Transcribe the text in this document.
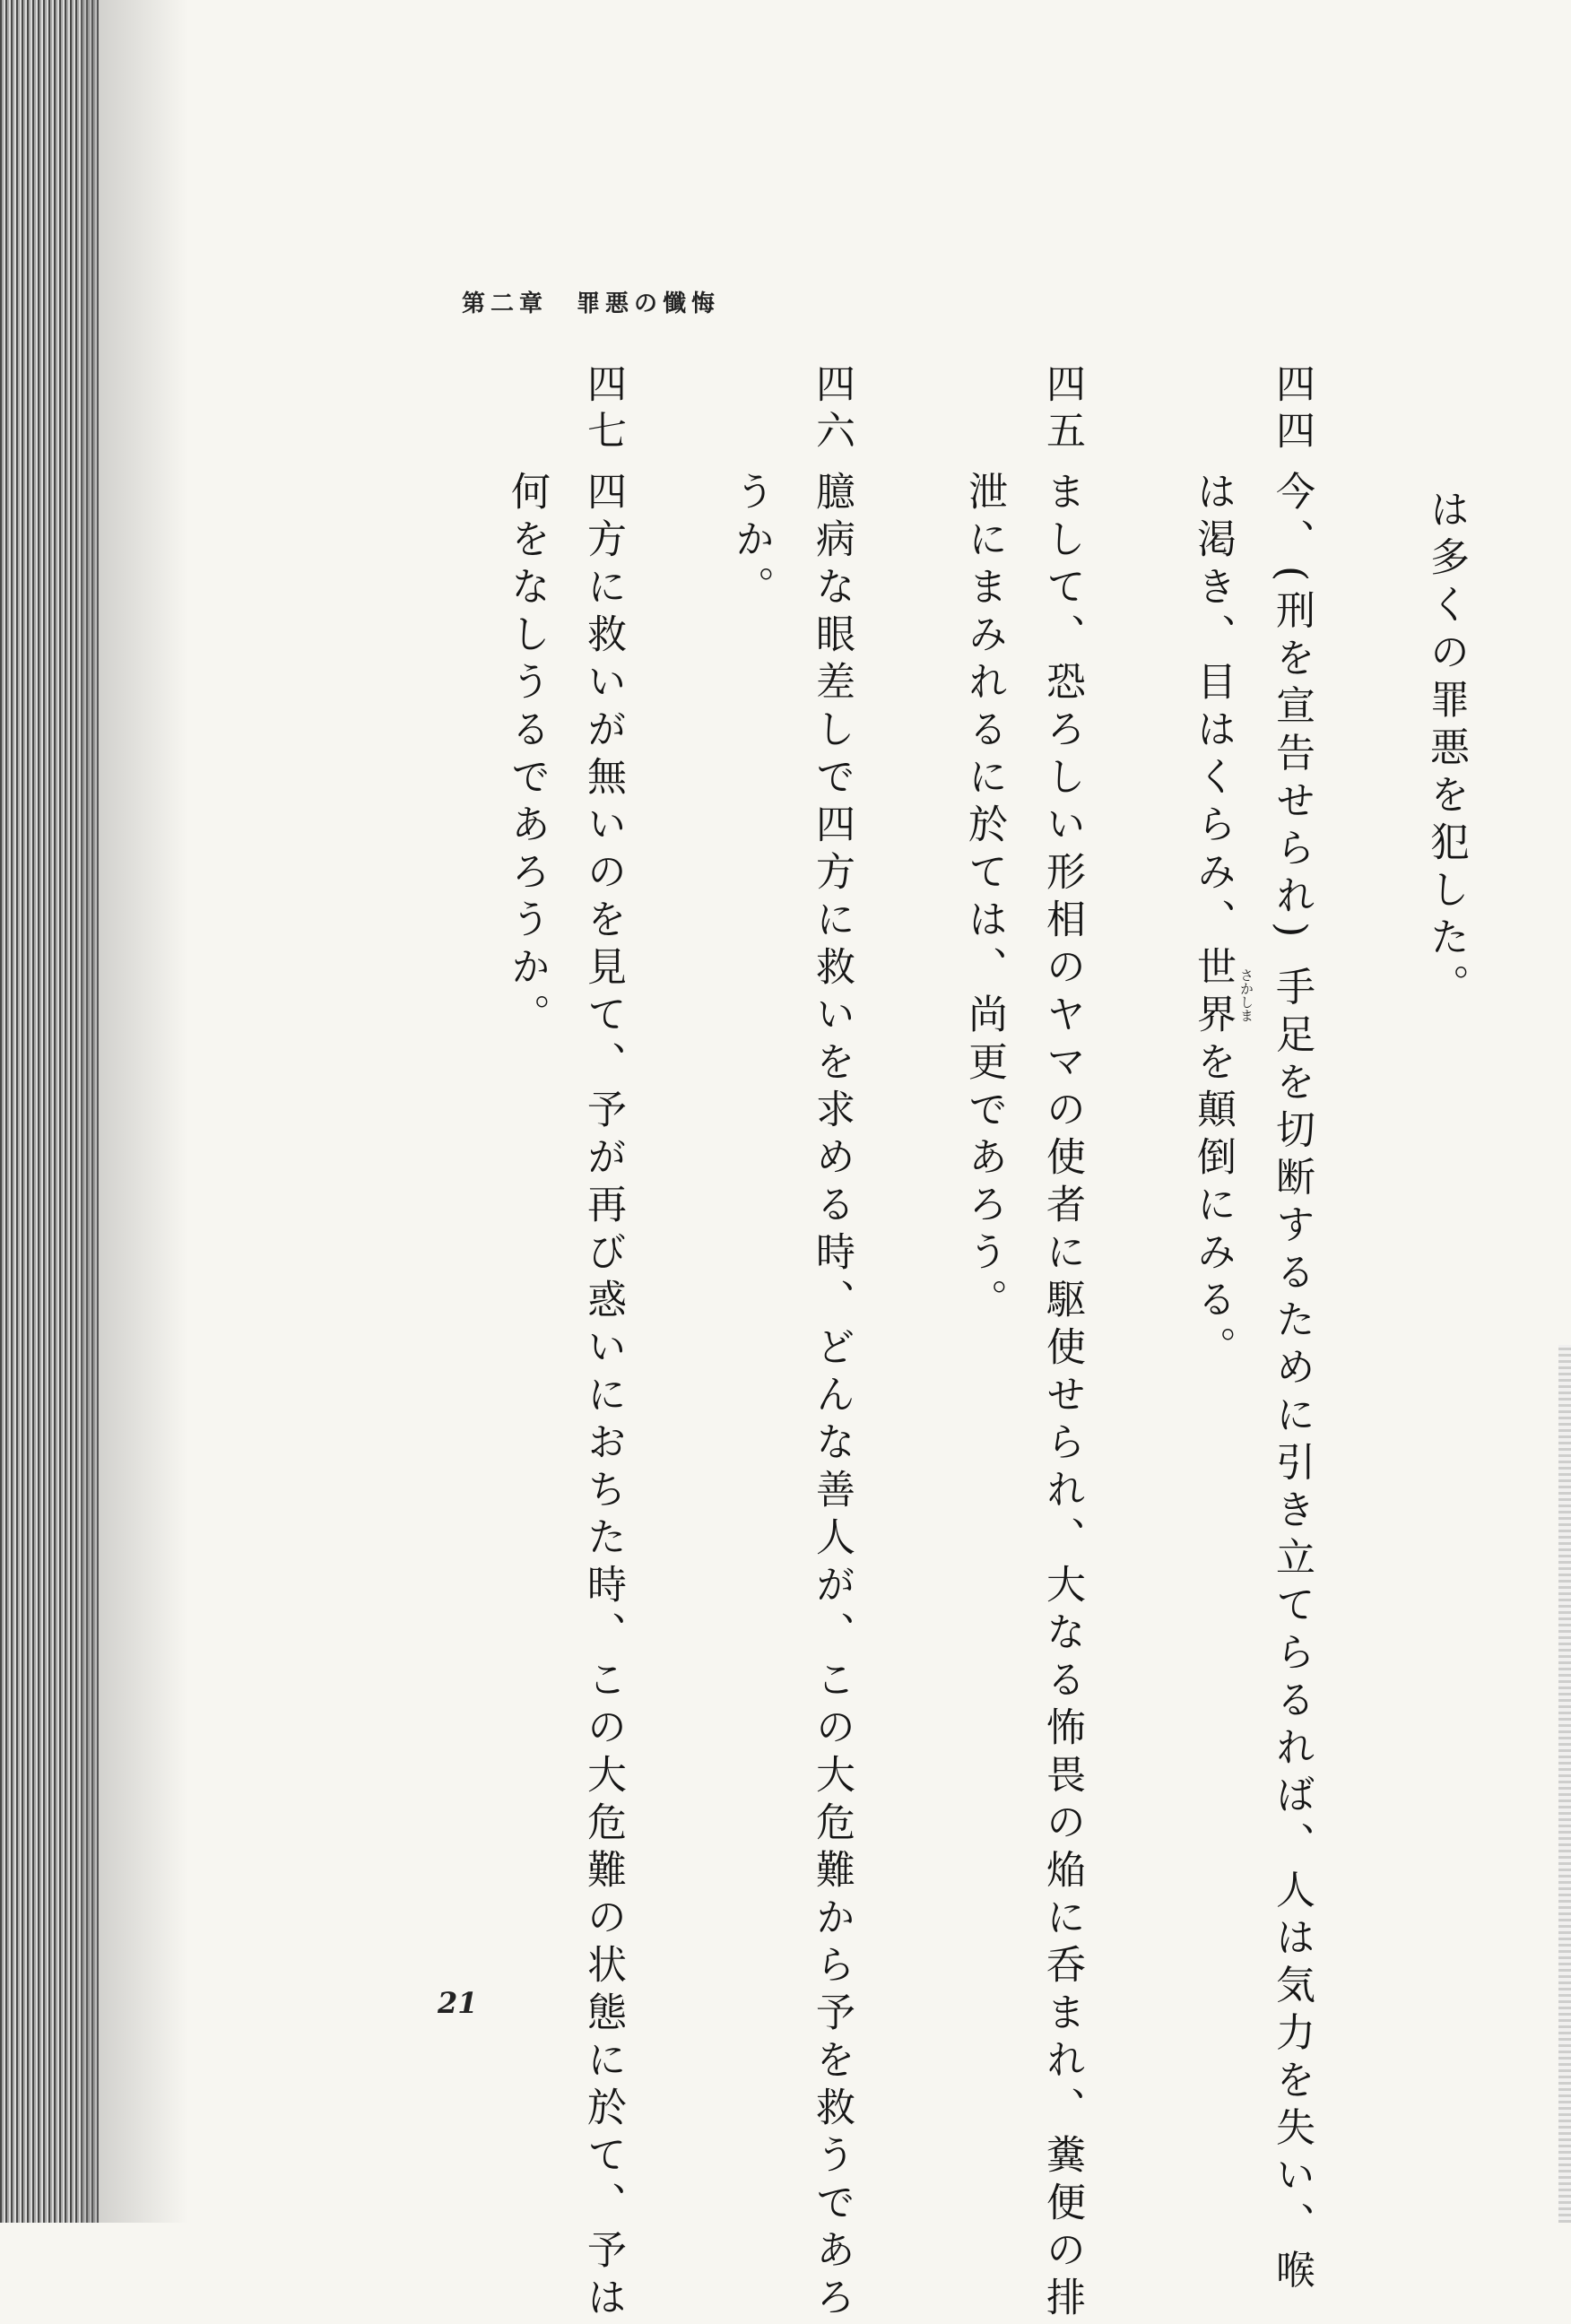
第二章　罪悪の懺悔
は多くの罪悪を犯した。
四四
今、(刑を宣告せられ) 手足を切断するために引き立てらるれば、人は気力を失い、喉
は渇き、目はくらみ、世界を顛倒にみる。 さかしま
四五
まして、恐ろしい形相のヤマの使者に駆使せられ、大なる怖畏の焔に呑まれ、糞便の排
泄にまみれるに於ては、尚更であろう。
四六
臆病な眼差しで四方に救いを求める時、どんな善人が、この大危難から予を救うであろ
うか。
四七
四方に救いが無いのを見て、予が再び惑いにおちた時、この大危難の状態に於て、予は
何をなしうるであろうか。
21
